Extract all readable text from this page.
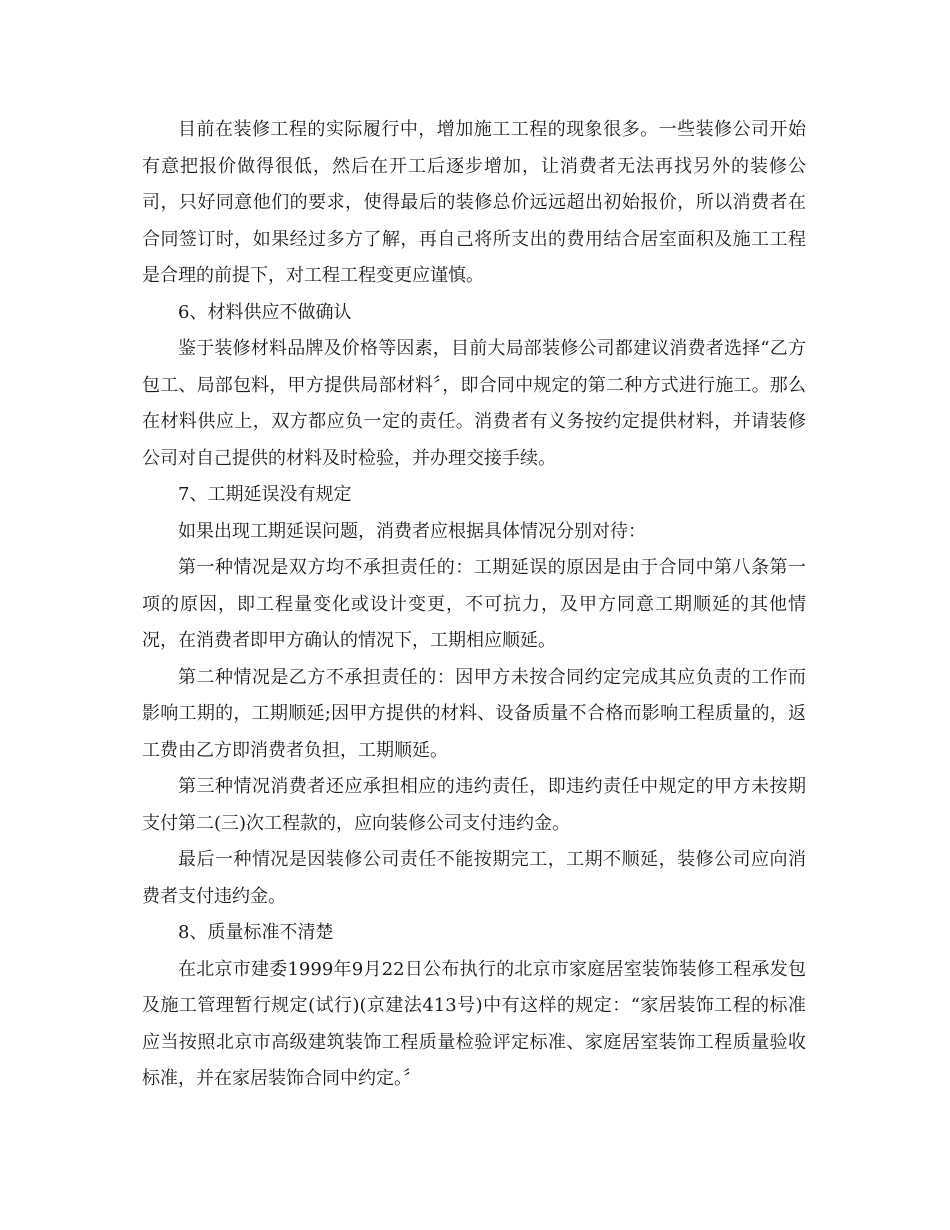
目前在装修工程的实际履行中，增加施工工程的现象很多。一些装修公司开始有意把报价做得很低，然后在开工后逐步增加，让消费者无法再找另外的装修公司，只好同意他们的要求，使得最后的装修总价远远超出初始报价，所以消费者在合同签订时，如果经过多方了解，再自己将所支出的费用结合居室面积及施工工程是合理的前提下，对工程工程变更应谨慎。

6、材料供应不做确认

鉴于装修材料品牌及价格等因素，目前大局部装修公司都建议消费者选择“乙方包工、局部包料，甲方提供局部材料〞，即合同中规定的第二种方式进行施工。那么在材料供应上，双方都应负一定的责任。消费者有义务按约定提供材料，并请装修公司对自己提供的材料及时检验，并办理交接手续。

7、工期延误没有规定

如果出现工期延误问题，消费者应根据具体情况分别对待：

第一种情况是双方均不承担责任的：工期延误的原因是由于合同中第八条第一项的原因，即工程量变化或设计变更，不可抗力，及甲方同意工期顺延的其他情况，在消费者即甲方确认的情况下，工期相应顺延。

第二种情况是乙方不承担责任的：因甲方未按合同约定完成其应负责的工作而影响工期的，工期顺延;因甲方提供的材料、设备质量不合格而影响工程质量的，返工费由乙方即消费者负担，工期顺延。

第三种情况消费者还应承担相应的违约责任，即违约责任中规定的甲方未按期支付第二(三)次工程款的，应向装修公司支付违约金。

最后一种情况是因装修公司责任不能按期完工，工期不顺延，装修公司应向消费者支付违约金。

8、质量标准不清楚

在北京市建委1999年9月22日公布执行的北京市家庭居室装饰装修工程承发包及施工管理暂行规定(试行)(京建法413号)中有这样的规定：“家居装饰工程的标准应当按照北京市高级建筑装饰工程质量检验评定标准、家庭居室装饰工程质量验收标准，并在家居装饰合同中约定。〞
